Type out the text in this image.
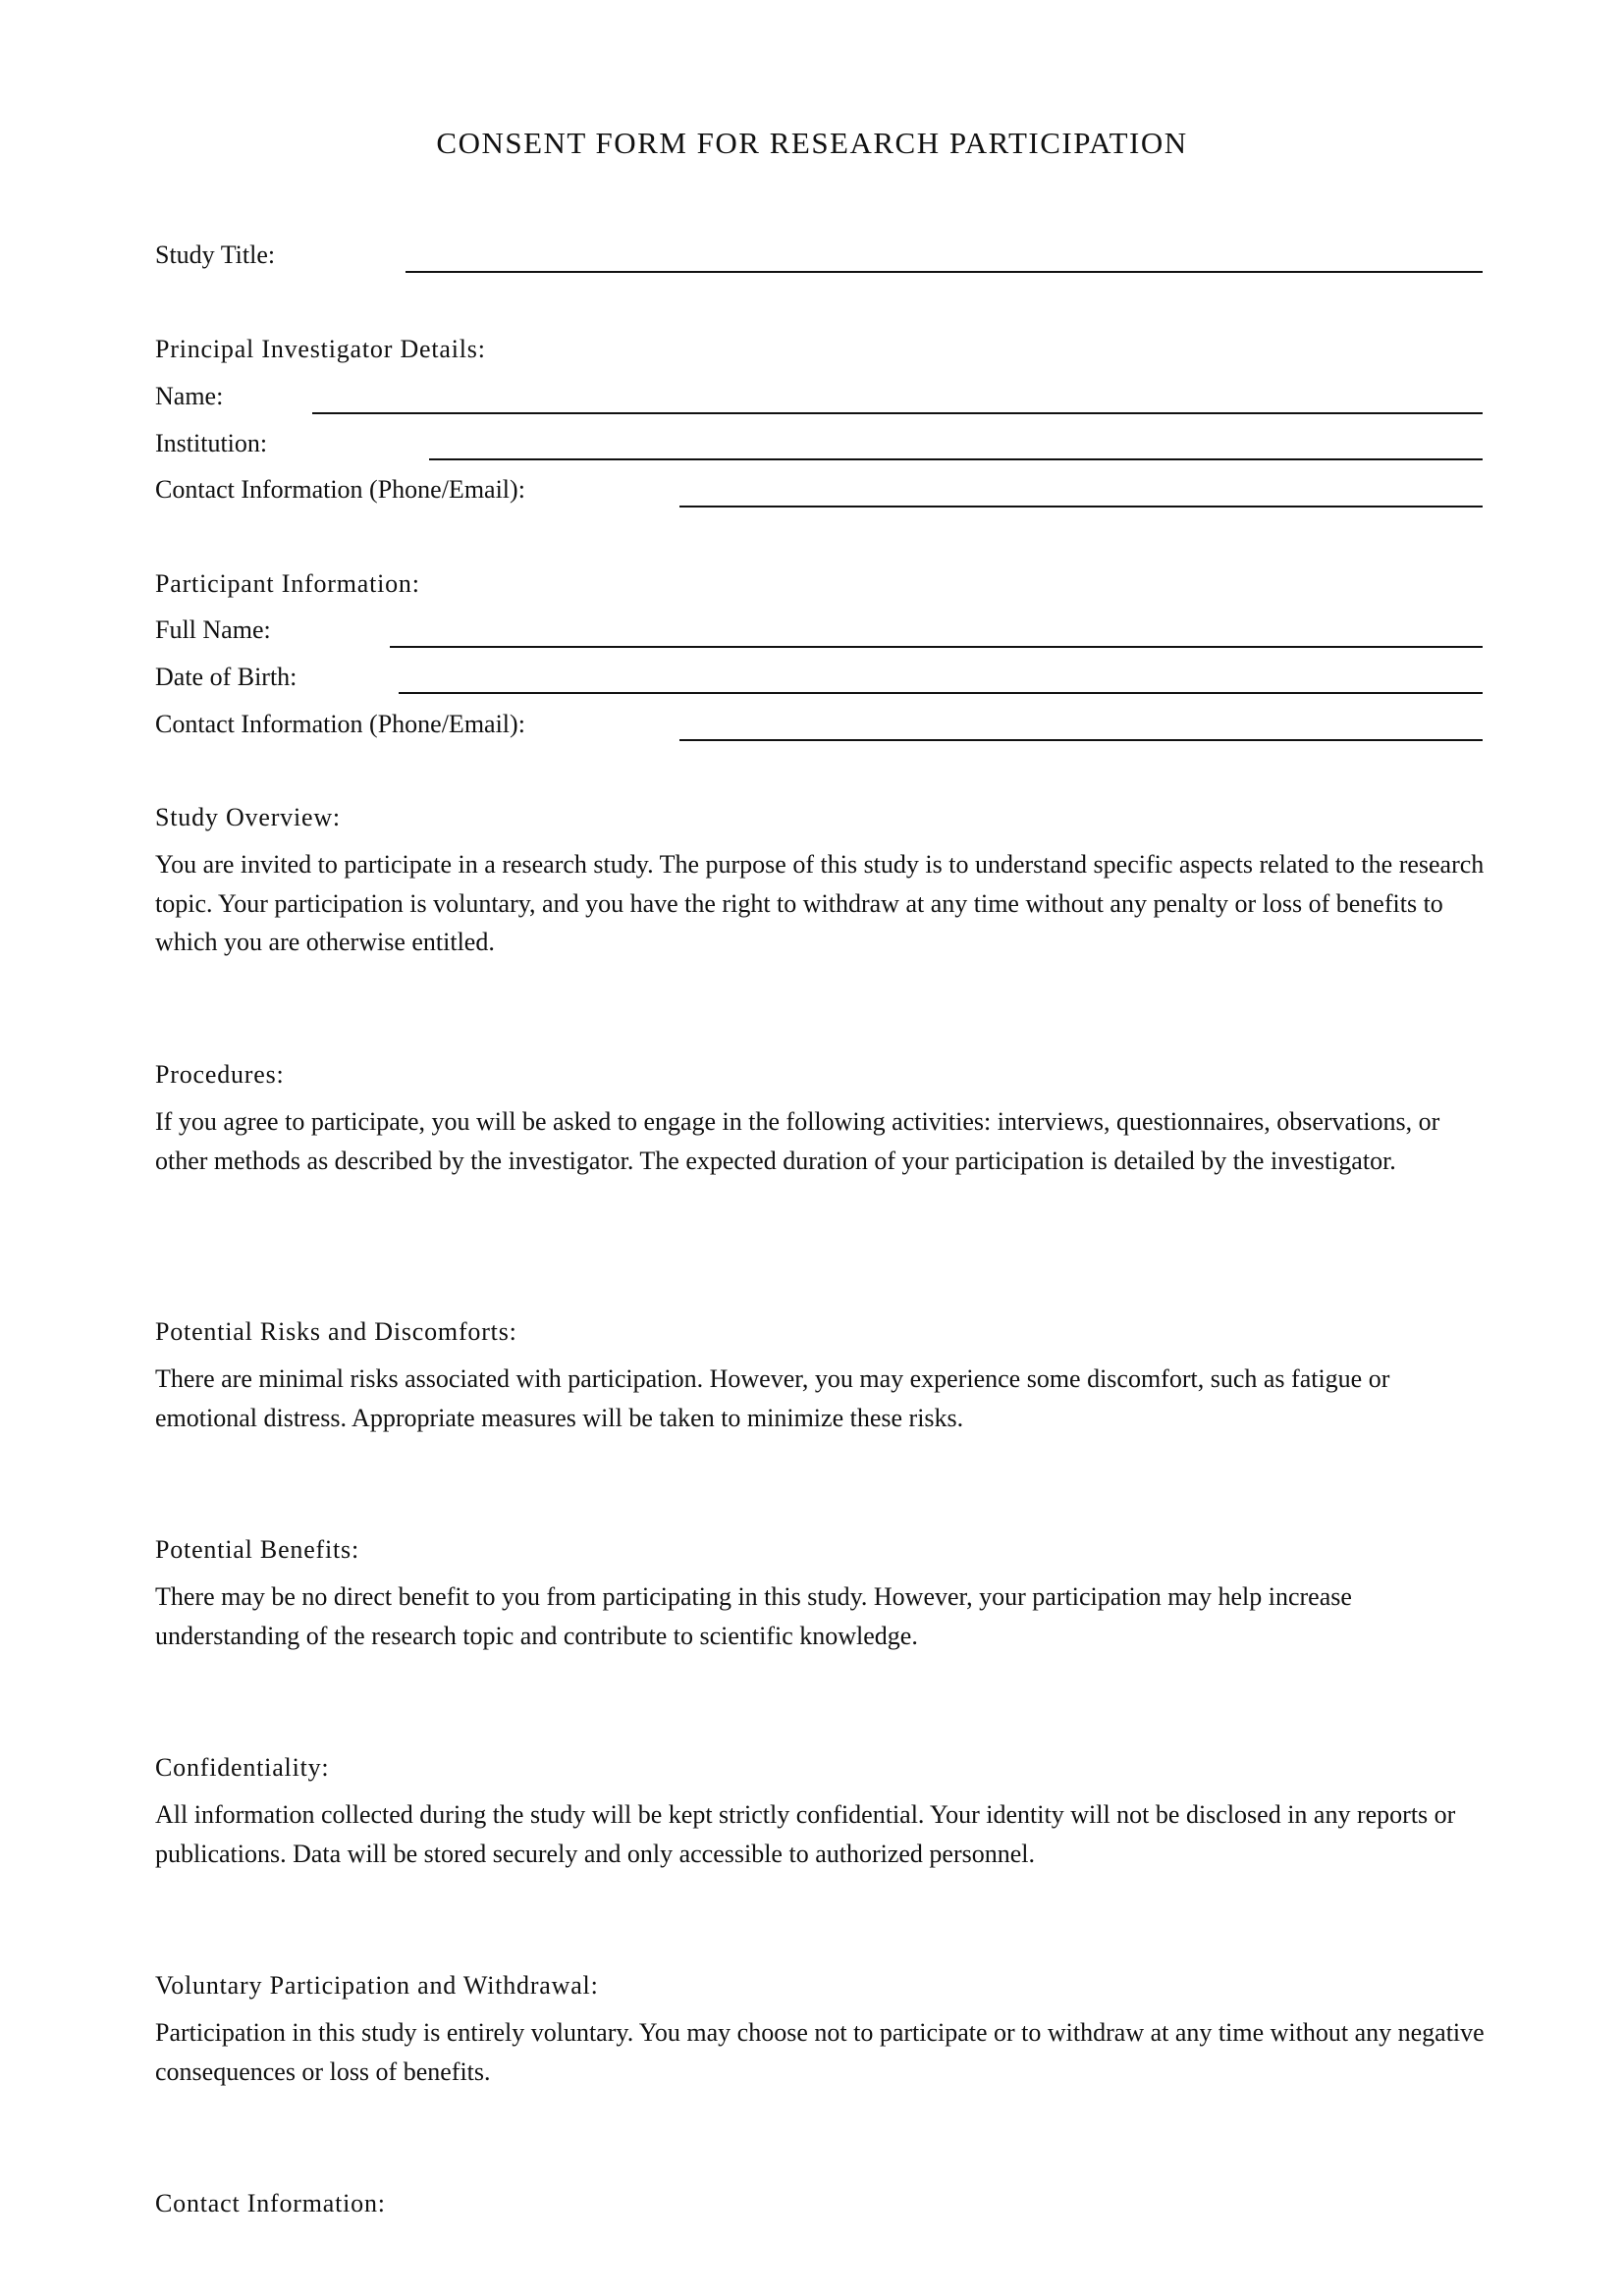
CONSENT FORM FOR RESEARCH PARTICIPATION
Study Title:
Principal Investigator Details:
Name:
Institution:
Contact Information (Phone/Email):
Participant Information:
Full Name:
Date of Birth:
Contact Information (Phone/Email):
Study Overview:

You are invited to participate in a research study. The purpose of this study is to understand specific aspects related to the research topic. Your participation is voluntary, and you have the right to withdraw at any time without any penalty or loss of benefits to which you are otherwise entitled.

Procedures:

If you agree to participate, you will be asked to engage in the following activities: interviews, questionnaires, observations, or other methods as described by the investigator. The expected duration of your participation is detailed by the investigator.

Potential Risks and Discomforts:

There are minimal risks associated with participation. However, you may experience some discomfort, such as fatigue or emotional distress. Appropriate measures will be taken to minimize these risks.

Potential Benefits:

There may be no direct benefit to you from participating in this study. However, your participation may help increase understanding of the research topic and contribute to scientific knowledge.

Confidentiality:

All information collected during the study will be kept strictly confidential. Your identity will not be disclosed in any reports or publications. Data will be stored securely and only accessible to authorized personnel.

Voluntary Participation and Withdrawal:

Participation in this study is entirely voluntary. You may choose not to participate or to withdraw at any time without any negative consequences or loss of benefits.

Contact Information:
